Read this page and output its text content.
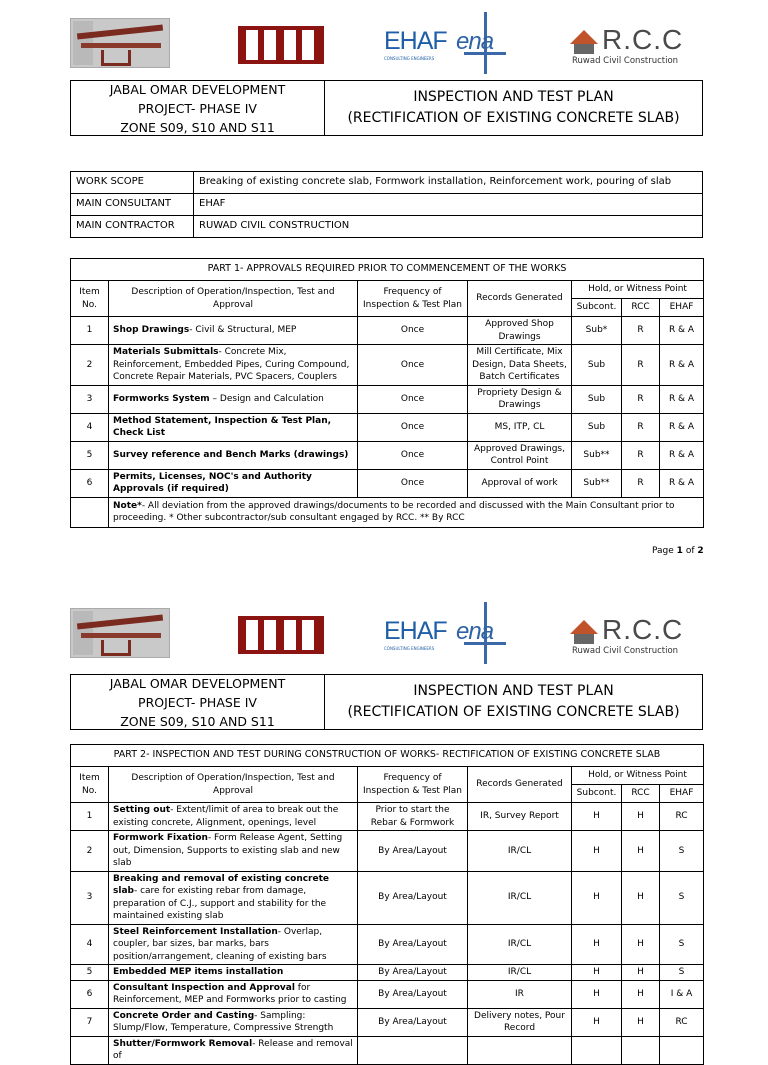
EHAF
CONSULTING ENGINEERS
ena	R.C.C
Ruwad Civil Construction
JABAL OMAR DEVELOPMENT
PROJECT- PHASE IV
ZONE S09, S10 AND S11
INSPECTION AND TEST PLAN
(RECTIFICATION OF EXISTING CONCRETE SLAB)
WORK SCOPE	Breaking of existing concrete slab, Formwork installation, Reinforcement work, pouring of slab
MAIN CONSULTANT	EHAF
MAIN CONTRACTOR	RUWAD CIVIL CONSTRUCTION
PART 1- APPROVALS REQUIRED PRIOR TO COMMENCEMENT OF THE WORKS						
Item No.	Description of Operation/Inspection, Test and Approval	Frequency of Inspection & Test Plan	Records Generated	Hold, or Witness Point		
				Subcont.	RCC	EHAF
1	Shop Drawings- Civil & Structural, MEP	Once	Approved Shop Drawings	Sub*	R	R & A
2	Materials Submittals- Concrete Mix, Reinforcement, Embedded Pipes, Curing Compound, Concrete Repair Materials, PVC Spacers, Couplers	Once	Mill Certificate, Mix Design, Data Sheets, Batch Certificates	Sub	R	R & A
3	Formworks System – Design and Calculation	Once	Propriety Design & Drawings	Sub	R	R & A
4	Method Statement, Inspection & Test Plan, Check List	Once	MS, ITP, CL	Sub	R	R & A
5	Survey reference and Bench Marks (drawings)	Once	Approved Drawings, Control Point	Sub**	R	R & A
6	Permits, Licenses, NOC's and Authority Approvals (if required)	Once	Approval of work	Sub**	R	R & A
	Note*- All deviation from the approved drawings/documents to be recorded and discussed with the Main Consultant prior to proceeding. * Other subcontractor/sub consultant engaged by RCC. ** By RCC					
Page 1 of 2
EHAF
CONSULTING ENGINEERS
ena	R.C.C
Ruwad Civil Construction
JABAL OMAR DEVELOPMENT
PROJECT- PHASE IV
ZONE S09, S10 AND S11
INSPECTION AND TEST PLAN
(RECTIFICATION OF EXISTING CONCRETE SLAB)
PART 2- INSPECTION AND TEST DURING CONSTRUCTION OF WORKS- RECTIFICATION OF EXISTING CONCRETE SLAB						
Item No.	Description of Operation/Inspection, Test and Approval	Frequency of Inspection & Test Plan	Records Generated	Hold, or Witness Point		
				Subcont.	RCC	EHAF
1	Setting out- Extent/limit of area to break out the existing concrete, Alignment, openings, level	Prior to start the Rebar & Formwork	IR, Survey Report	H	H	RC
2	Formwork Fixation- Form Release Agent, Setting out, Dimension, Supports to existing slab and new slab	By Area/Layout	IR/CL	H	H	S
3	Breaking and removal of existing concrete slab- care for existing rebar from damage, preparation of C.J., support and stability for the maintained existing slab	By Area/Layout	IR/CL	H	H	S
4	Steel Reinforcement Installation- Overlap, coupler, bar sizes, bar marks, bars position/arrangement, cleaning of existing bars	By Area/Layout	IR/CL	H	H	S
5	Embedded MEP items installation	By Area/Layout	IR/CL	H	H	S
6	Consultant Inspection and Approval for Reinforcement, MEP and Formworks prior to casting	By Area/Layout	IR	H	H	I & A
7	Concrete Order and Casting- Sampling: Slump/Flow, Temperature, Compressive Strength	By Area/Layout	Delivery notes, Pour Record	H	H	RC
	Shutter/Formwork Removal- Release and removal of					
